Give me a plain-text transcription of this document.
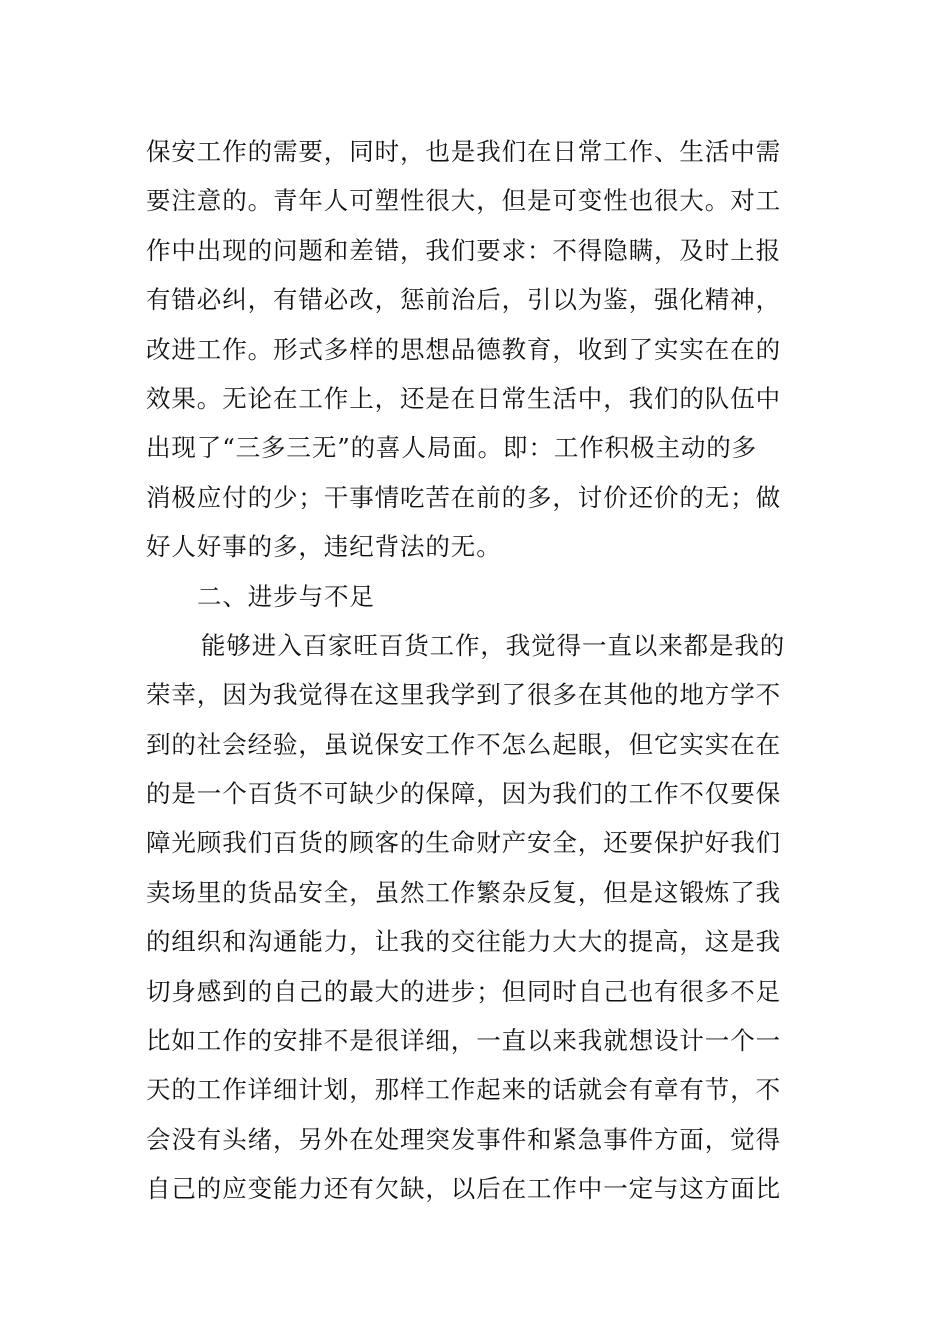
保安工作的需要，同时，也是我们在日常工作、生活中需
要注意的。青年人可塑性很大，但是可变性也很大。对工
作中出现的问题和差错，我们要求：不得隐瞒，及时上报
有错必纠，有错必改，惩前治后，引以为鉴，强化精神，
改进工作。形式多样的思想品德教育，收到了实实在在的
效果。无论在工作上，还是在日常生活中，我们的队伍中
出现了“三多三无”的喜人局面。即：工作积极主动的多
消极应付的少；干事情吃苦在前的多，讨价还价的无；做
好人好事的多，违纪背法的无。
二、进步与不足
能够进入百家旺百货工作，我觉得一直以来都是我的
荣幸，因为我觉得在这里我学到了很多在其他的地方学不
到的社会经验，虽说保安工作不怎么起眼，但它实实在在
的是一个百货不可缺少的保障，因为我们的工作不仅要保
障光顾我们百货的顾客的生命财产安全，还要保护好我们
卖场里的货品安全，虽然工作繁杂反复，但是这锻炼了我
的组织和沟通能力，让我的交往能力大大的提高，这是我
切身感到的自己的最大的进步；但同时自己也有很多不足
比如工作的安排不是很详细，一直以来我就想设计一个一
天的工作详细计划，那样工作起来的话就会有章有节，不
会没有头绪，另外在处理突发事件和紧急事件方面，觉得
自己的应变能力还有欠缺，以后在工作中一定与这方面比
